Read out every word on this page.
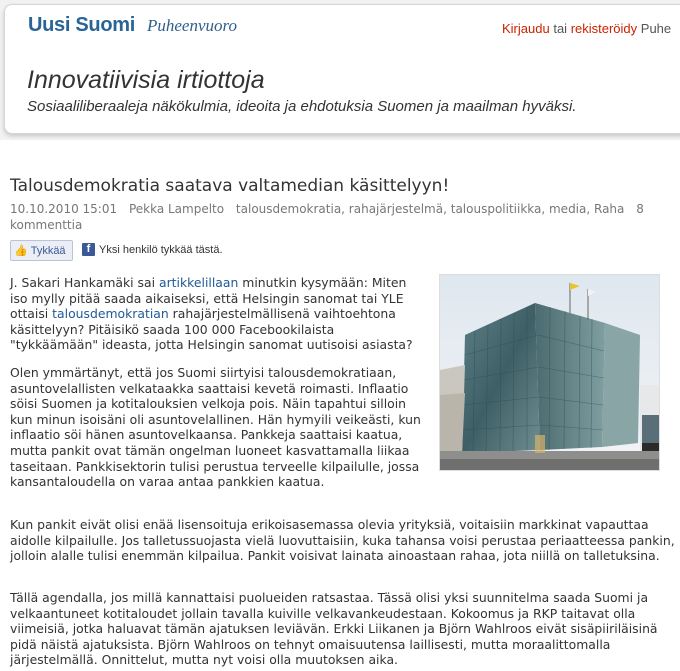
Uusi Suomi Puheenvuoro	Kirjaudu tai rekisteröidy Puhe
Innovatiivisia irtiottoja
Sosiaaliliberaaleja näkökulmia, ideoita ja ehdotuksia Suomen ja maailman hyväksi.
Talousdemokratia saatava valtamedian käsittelyyn!
10.10.2010 15:01 Pekka Lampelto talousdemokratia, rahajärjestelmä, talouspolitiikka, media, Raha 8 kommenttia
👍 Tykkää	f Yksi henkilö tykkää tästä.

J. Sakari Hankamäki sai artikkelillaan minutkin kysymään: Miten iso mylly pitää saada aikaiseksi, että Helsingin sanomat tai YLE ottaisi talousdemokratian rahajärjestelmällisenä vaihtoehtona käsittelyyn? Pitäisikö saada 100 000 Facebookilaista "tykkäämään" ideasta, jotta Helsingin sanomat uutisoisi asiasta?

Olen ymmärtänyt, että jos Suomi siirtyisi talousdemokratiaan, asuntovelallisten velkataakka saattaisi kevetä roimasti. Inflaatio söisi Suomen ja kotitalouksien velkoja pois. Näin tapahtui silloin kun minun isoisäni oli asuntovelallinen. Hän hymyili veikeästi, kun inflaatio söi hänen asuntovelkaansa. Pankkeja saattaisi kaatua, mutta pankit ovat tämän ongelman luoneet kasvattamalla liikaa taseitaan. Pankkisektorin tulisi perustua terveelle kilpailulle, jossa kansantaloudella on varaa antaa pankkien kaatua.

Kun pankit eivät olisi enää lisensoituja erikoisasemassa olevia yrityksiä, voitaisiin markkinat vapauttaa aidolle kilpailulle. Jos talletussuojasta vielä luovuttaisiin, kuka tahansa voisi perustaa periaatteessa pankin, jolloin alalle tulisi enemmän kilpailua. Pankit voisivat lainata ainoastaan rahaa, jota niillä on talletuksina.

Tällä agendalla, jos millä kannattaisi puolueiden ratsastaa. Tässä olisi yksi suunnitelma saada Suomi ja velkaantuneet kotitaloudet jollain tavalla kuiville velkavankeudestaan. Kokoomus ja RKP taitavat olla viimeisiä, jotka haluavat tämän ajatuksen leviävän. Erkki Liikanen ja Björn Wahlroos eivät sisäpiiriläisinä pidä näistä ajatuksista. Björn Wahlroos on tehnyt omaisuutensa laillisesti, mutta moraalittomalla järjestelmällä. Onnittelut, mutta nyt voisi olla muutoksen aika.
